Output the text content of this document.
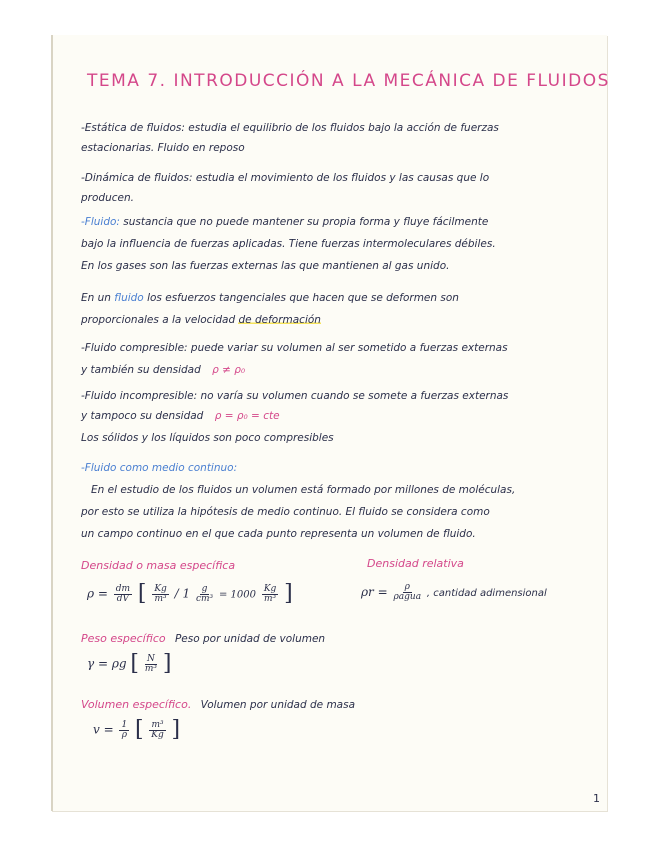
TEMA 7. INTRODUCCIÓN A LA MECÁNICA DE FLUIDOS
-Estática de fluidos: estudia el equilibrio de los fluidos bajo la acción de fuerzas
estacionarias. Fluido en reposo
-Dinámica de fluidos: estudia el movimiento de los fluidos y las causas que lo
producen.
-Fluido: sustancia que no puede mantener su propia forma y fluye fácilmente
bajo la influencia de fuerzas aplicadas. Tiene fuerzas intermoleculares débiles.
En los gases son las fuerzas externas las que mantienen al gas unido.
En un fluido los esfuerzos tangenciales que hacen que se deformen son
proporcionales a la velocidad de deformación
-Fluido compresible: puede variar su volumen al ser sometido a fuerzas externas
y también su densidad ρ ≠ ρ₀
-Fluido incompresible: no varía su volumen cuando se somete a fuerzas externas
y tampoco su densidad ρ = ρ₀ = cte
Los sólidos y los líquidos son poco compresibles
-Fluido como medio continuo:
En el estudio de los fluidos un volumen está formado por millones de moléculas,
por esto se utiliza la hipótesis de medio continuo. El fluido se considera como
un campo continuo en el que cada punto representa un volumen de fluido.
Densidad o masa específica	Densidad relativa
$\rho = \frac{dm}{dV}$ [ $\frac{Kg}{\text{m³}} / 1 \frac{g}{\text{cm³}} = 1000 \frac{Kg}{\text{m³}}$ ]	$\rho r = \frac{\rho}{\text{ρagua}}$ , cantidad adimensional
Peso específico Peso por unidad de volumen
γ = ρg [ $\frac{N}{\text{m³}}$ ]
Volumen específico. Volumen por unidad de masa
$v = \frac{1}{\rho}$ [ $\frac{\text{m³}}{Kg}$ ]
1
